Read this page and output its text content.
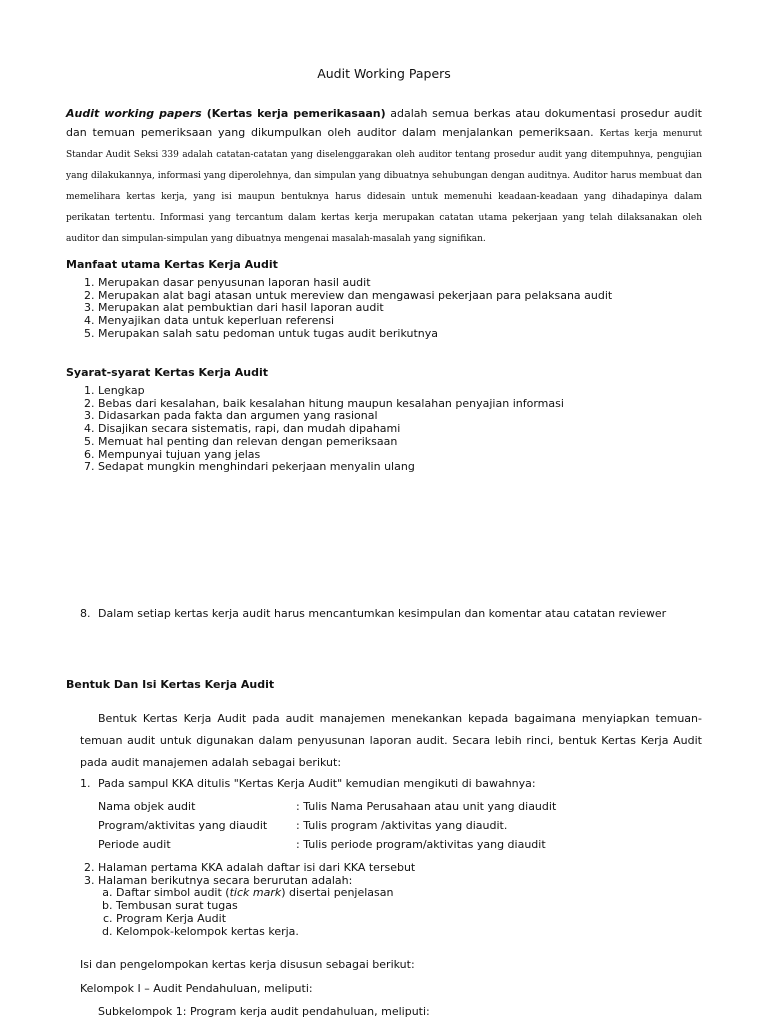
Audit Working Papers
Audit working papers (Kertas kerja pemerikasaan) adalah semua berkas atau dokumentasi prosedur audit dan temuan pemeriksaan yang dikumpulkan oleh auditor dalam menjalankan pemeriksaan. Kertas kerja menurut Standar Audit Seksi 339 adalah catatan-catatan yang diselenggarakan oleh auditor tentang prosedur audit yang ditempuhnya, pengujian yang dilakukannya, informasi yang diperolehnya, dan simpulan yang dibuatnya sehubungan dengan auditnya. Auditor harus membuat dan memelihara kertas kerja, yang isi maupun bentuknya harus didesain untuk memenuhi keadaan-keadaan yang dihadapinya dalam perikatan tertentu. Informasi yang tercantum dalam kertas kerja merupakan catatan utama pekerjaan yang telah dilaksanakan oleh auditor dan simpulan-simpulan yang dibuatnya mengenai masalah-masalah yang signifikan.
Manfaat utama Kertas Kerja Audit
1. Merupakan dasar penyusunan laporan hasil audit
2. Merupakan alat bagi atasan untuk mereview dan mengawasi pekerjaan para pelaksana audit
3. Merupakan alat pembuktian dari hasil laporan audit
4. Menyajikan data untuk keperluan referensi
5. Merupakan salah satu pedoman untuk tugas audit berikutnya
Syarat-syarat Kertas Kerja Audit
1. Lengkap
2. Bebas dari kesalahan, baik kesalahan hitung maupun kesalahan penyajian informasi
3. Didasarkan pada fakta dan argumen yang rasional
4. Disajikan secara sistematis, rapi, dan mudah dipahami
5. Memuat hal penting dan relevan dengan pemeriksaan
6. Mempunyai tujuan yang jelas
7. Sedapat mungkin menghindari pekerjaan menyalin ulang
8. Dalam setiap kertas kerja audit harus mencantumkan kesimpulan dan komentar atau catatan reviewer
Bentuk Dan Isi Kertas Kerja Audit
Bentuk Kertas Kerja Audit pada audit manajemen menekankan kepada bagaimana menyiapkan temuan-temuan audit untuk digunakan dalam penyusunan laporan audit. Secara lebih rinci, bentuk Kertas Kerja Audit pada audit manajemen adalah sebagai berikut:
1. Pada sampul KKA ditulis "Kertas Kerja Audit" kemudian mengikuti di bawahnya:
Nama objek audit	: Tulis Nama Perusahaan atau unit yang diaudit
Program/aktivitas yang diaudit	: Tulis program /aktivitas yang diaudit.
Periode audit	: Tulis periode program/aktivitas yang diaudit
2. Halaman pertama KKA adalah daftar isi dari KKA tersebut
3. Halaman berikutnya secara berurutan adalah:
a. Daftar simbol audit (tick mark) disertai penjelasan
b. Tembusan surat tugas
c. Program Kerja Audit
d. Kelompok-kelompok kertas kerja.
Isi dan pengelompokan kertas kerja disusun sebagai berikut:
Kelompok I – Audit Pendahuluan, meliputi:
Subkelompok 1: Program kerja audit pendahuluan, meliputi:
